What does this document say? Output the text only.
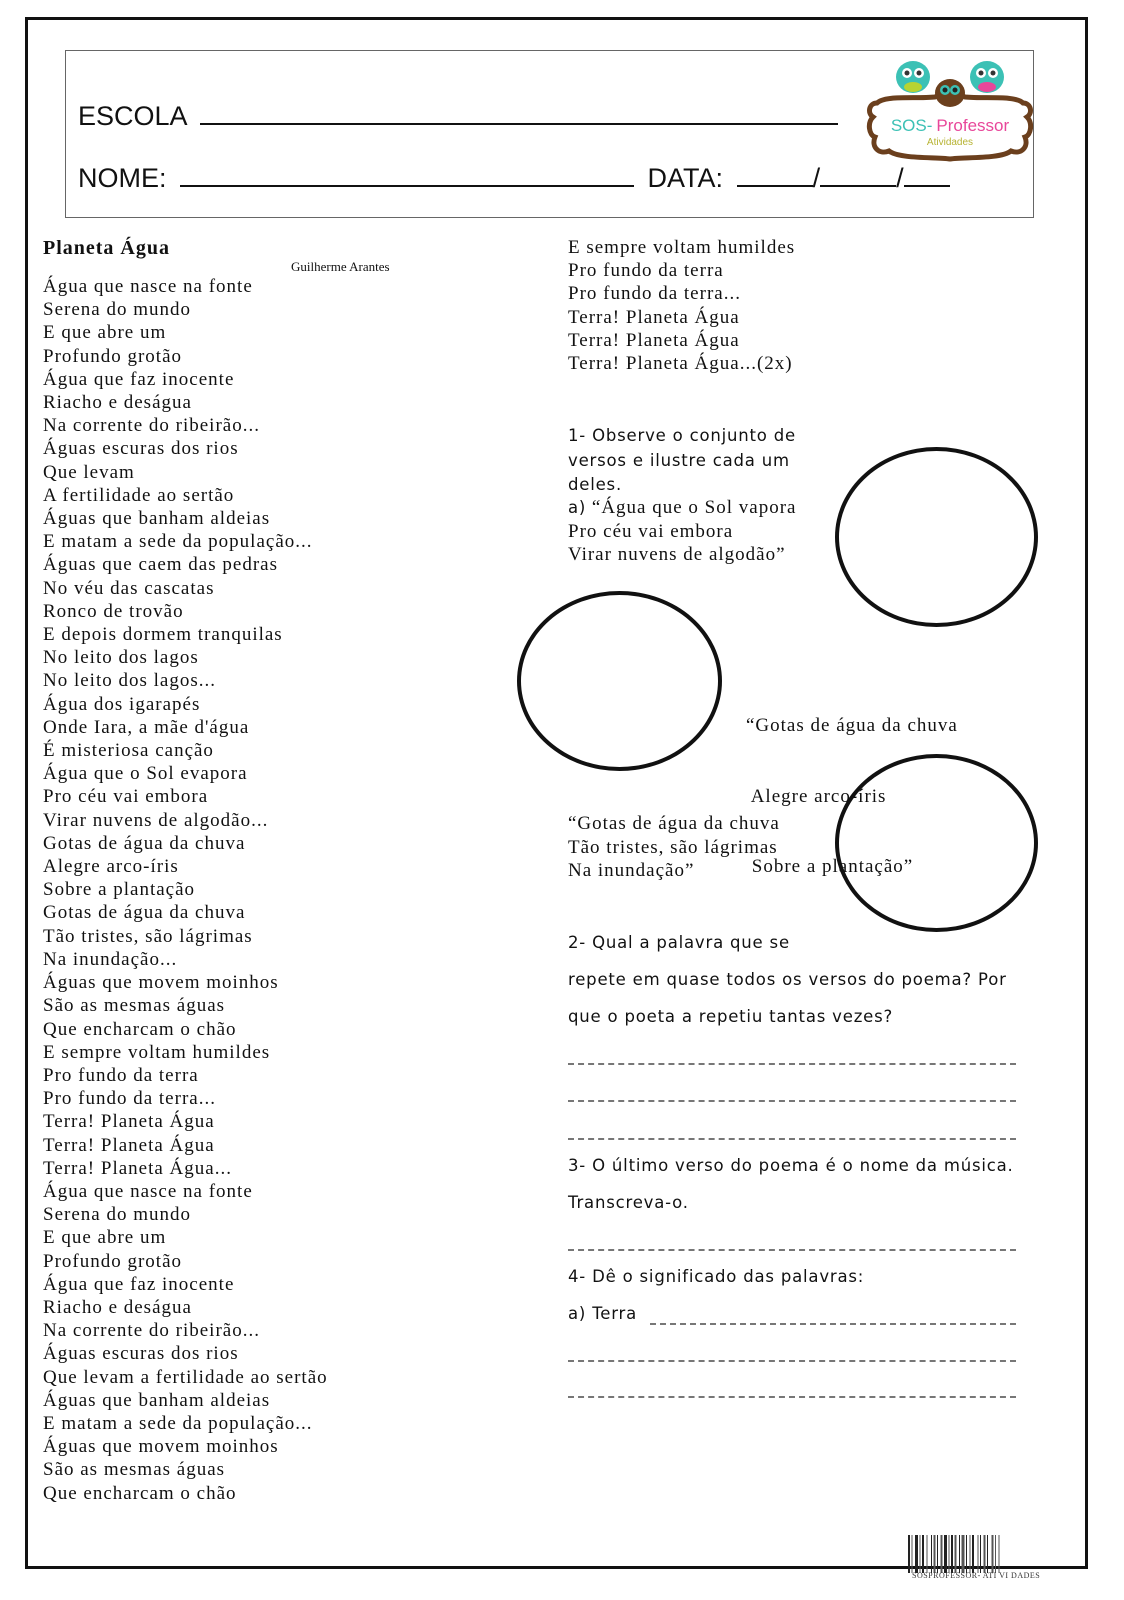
ESCOLA
NOME:	DATA:	/	/
SOS- Professor
Atividades
Planeta Água
Guilherme Arantes
Água que nasce na fonte
Serena do mundo
E que abre um
Profundo grotão
Água que faz inocente
Riacho e deságua
Na corrente do ribeirão...
Águas escuras dos rios
Que levam
A fertilidade ao sertão
Águas que banham aldeias
E matam a sede da população...
Águas que caem das pedras
No véu das cascatas
Ronco de trovão
E depois dormem tranquilas
No leito dos lagos
No leito dos lagos...
Água dos igarapés
Onde Iara, a mãe d'água
É misteriosa canção
Água que o Sol evapora
Pro céu vai embora
Virar nuvens de algodão...
Gotas de água da chuva
Alegre arco-íris
Sobre a plantação
Gotas de água da chuva
Tão tristes, são lágrimas
Na inundação...
Águas que movem moinhos
São as mesmas águas
Que encharcam o chão
E sempre voltam humildes
Pro fundo da terra
Pro fundo da terra...
Terra! Planeta Água
Terra! Planeta Água
Terra! Planeta Água...
Água que nasce na fonte
Serena do mundo
E que abre um
Profundo grotão
Água que faz inocente
Riacho e deságua
Na corrente do ribeirão...
Águas escuras dos rios
Que levam a fertilidade ao sertão
Águas que banham aldeias
E matam a sede da população...
Águas que movem moinhos
São as mesmas águas
Que encharcam o chão
E sempre voltam humildes
Pro fundo da terra
Pro fundo da terra...
Terra! Planeta Água
Terra! Planeta Água
Terra! Planeta Água...(2x)
1- Observe o conjunto de
versos e ilustre cada um
deles.
a) “Água que o Sol vapora
Pro céu vai embora
Virar nuvens de algodão”

“Gotas de água da chuva

Alegre arco-íris

Sobre a plantação”

“Gotas de água da chuva
Tão tristes, são lágrimas
Na inundação”
2- Qual a palavra que se
repete em quase todos os versos do poema? Por
que o poeta a repetiu tantas vezes?
3- O último verso do poema é o nome da música.
Transcreva-o.
4- Dê o significado das palavras:
a) Terra
SOSPROFESSOR- ATI VI DADES
